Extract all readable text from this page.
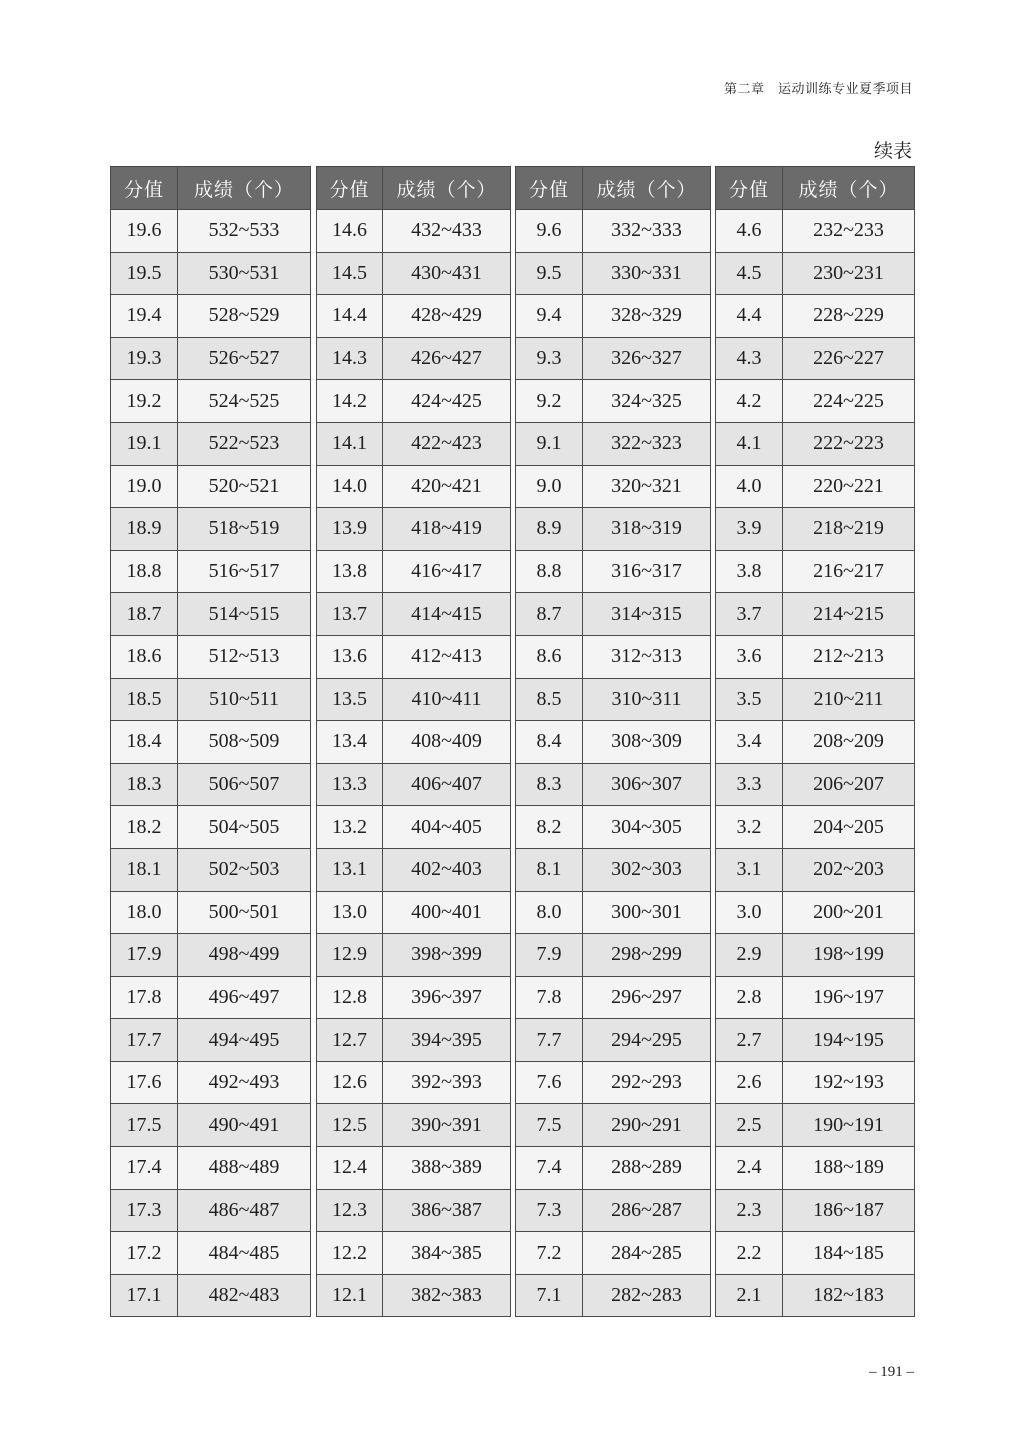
第二章　运动训练专业夏季项目
续表
分值	成绩（个）
19.6	532~533
19.5	530~531
19.4	528~529
19.3	526~527
19.2	524~525
19.1	522~523
19.0	520~521
18.9	518~519
18.8	516~517
18.7	514~515
18.6	512~513
18.5	510~511
18.4	508~509
18.3	506~507
18.2	504~505
18.1	502~503
18.0	500~501
17.9	498~499
17.8	496~497
17.7	494~495
17.6	492~493
17.5	490~491
17.4	488~489
17.3	486~487
17.2	484~485
17.1	482~483
分值	成绩（个）
14.6	432~433
14.5	430~431
14.4	428~429
14.3	426~427
14.2	424~425
14.1	422~423
14.0	420~421
13.9	418~419
13.8	416~417
13.7	414~415
13.6	412~413
13.5	410~411
13.4	408~409
13.3	406~407
13.2	404~405
13.1	402~403
13.0	400~401
12.9	398~399
12.8	396~397
12.7	394~395
12.6	392~393
12.5	390~391
12.4	388~389
12.3	386~387
12.2	384~385
12.1	382~383
分值	成绩（个）
9.6	332~333
9.5	330~331
9.4	328~329
9.3	326~327
9.2	324~325
9.1	322~323
9.0	320~321
8.9	318~319
8.8	316~317
8.7	314~315
8.6	312~313
8.5	310~311
8.4	308~309
8.3	306~307
8.2	304~305
8.1	302~303
8.0	300~301
7.9	298~299
7.8	296~297
7.7	294~295
7.6	292~293
7.5	290~291
7.4	288~289
7.3	286~287
7.2	284~285
7.1	282~283
分值	成绩（个）
4.6	232~233
4.5	230~231
4.4	228~229
4.3	226~227
4.2	224~225
4.1	222~223
4.0	220~221
3.9	218~219
3.8	216~217
3.7	214~215
3.6	212~213
3.5	210~211
3.4	208~209
3.3	206~207
3.2	204~205
3.1	202~203
3.0	200~201
2.9	198~199
2.8	196~197
2.7	194~195
2.6	192~193
2.5	190~191
2.4	188~189
2.3	186~187
2.2	184~185
2.1	182~183
– 191 –
